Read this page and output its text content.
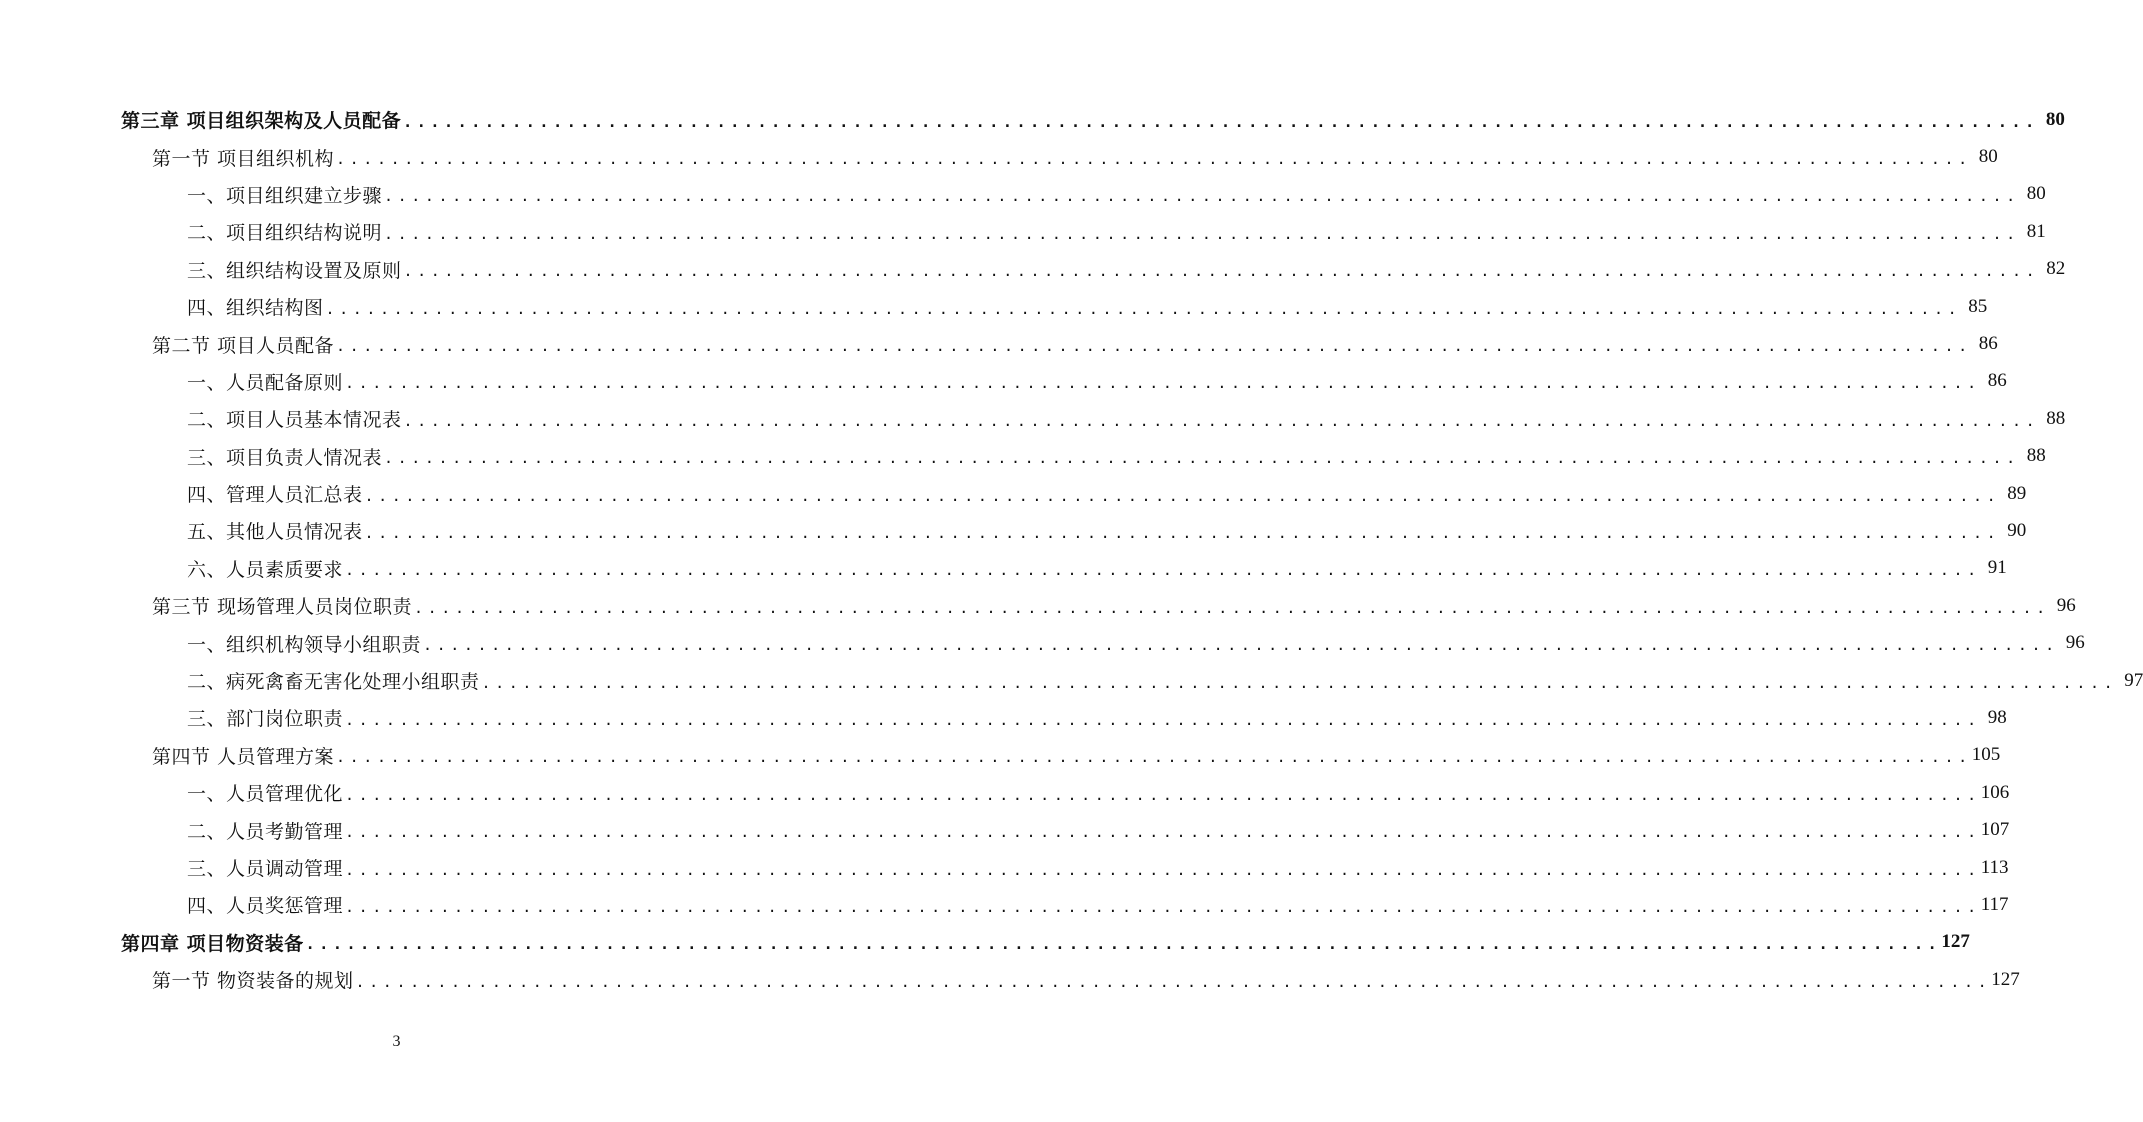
第三章 项目组织架构及人员配备 ........................................................................................................................ 80
第一节 项目组织机构 ........................................................................................................................ 80
一、项目组织建立步骤 ........................................................................................................................ 80
二、项目组织结构说明 ........................................................................................................................ 81
三、组织结构设置及原则 ........................................................................................................................ 82
四、组织结构图 ........................................................................................................................ 85
第二节 项目人员配备 ........................................................................................................................ 86
一、人员配备原则 ........................................................................................................................ 86
二、项目人员基本情况表 ........................................................................................................................ 88
三、项目负责人情况表 ........................................................................................................................ 88
四、管理人员汇总表 ........................................................................................................................ 89
五、其他人员情况表 ........................................................................................................................ 90
六、人员素质要求 ........................................................................................................................ 91
第三节 现场管理人员岗位职责 ........................................................................................................................ 96
一、组织机构领导小组职责 ........................................................................................................................ 96
二、病死禽畜无害化处理小组职责 ........................................................................................................................ 97
三、部门岗位职责 ........................................................................................................................ 98
第四节 人员管理方案 ........................................................................................................................ 105
一、人员管理优化 ........................................................................................................................ 106
二、人员考勤管理 ........................................................................................................................ 107
三、人员调动管理 ........................................................................................................................ 113
四、人员奖惩管理 ........................................................................................................................ 117
第四章 项目物资装备 ........................................................................................................................ 127
第一节 物资装备的规划 ........................................................................................................................ 127
3
